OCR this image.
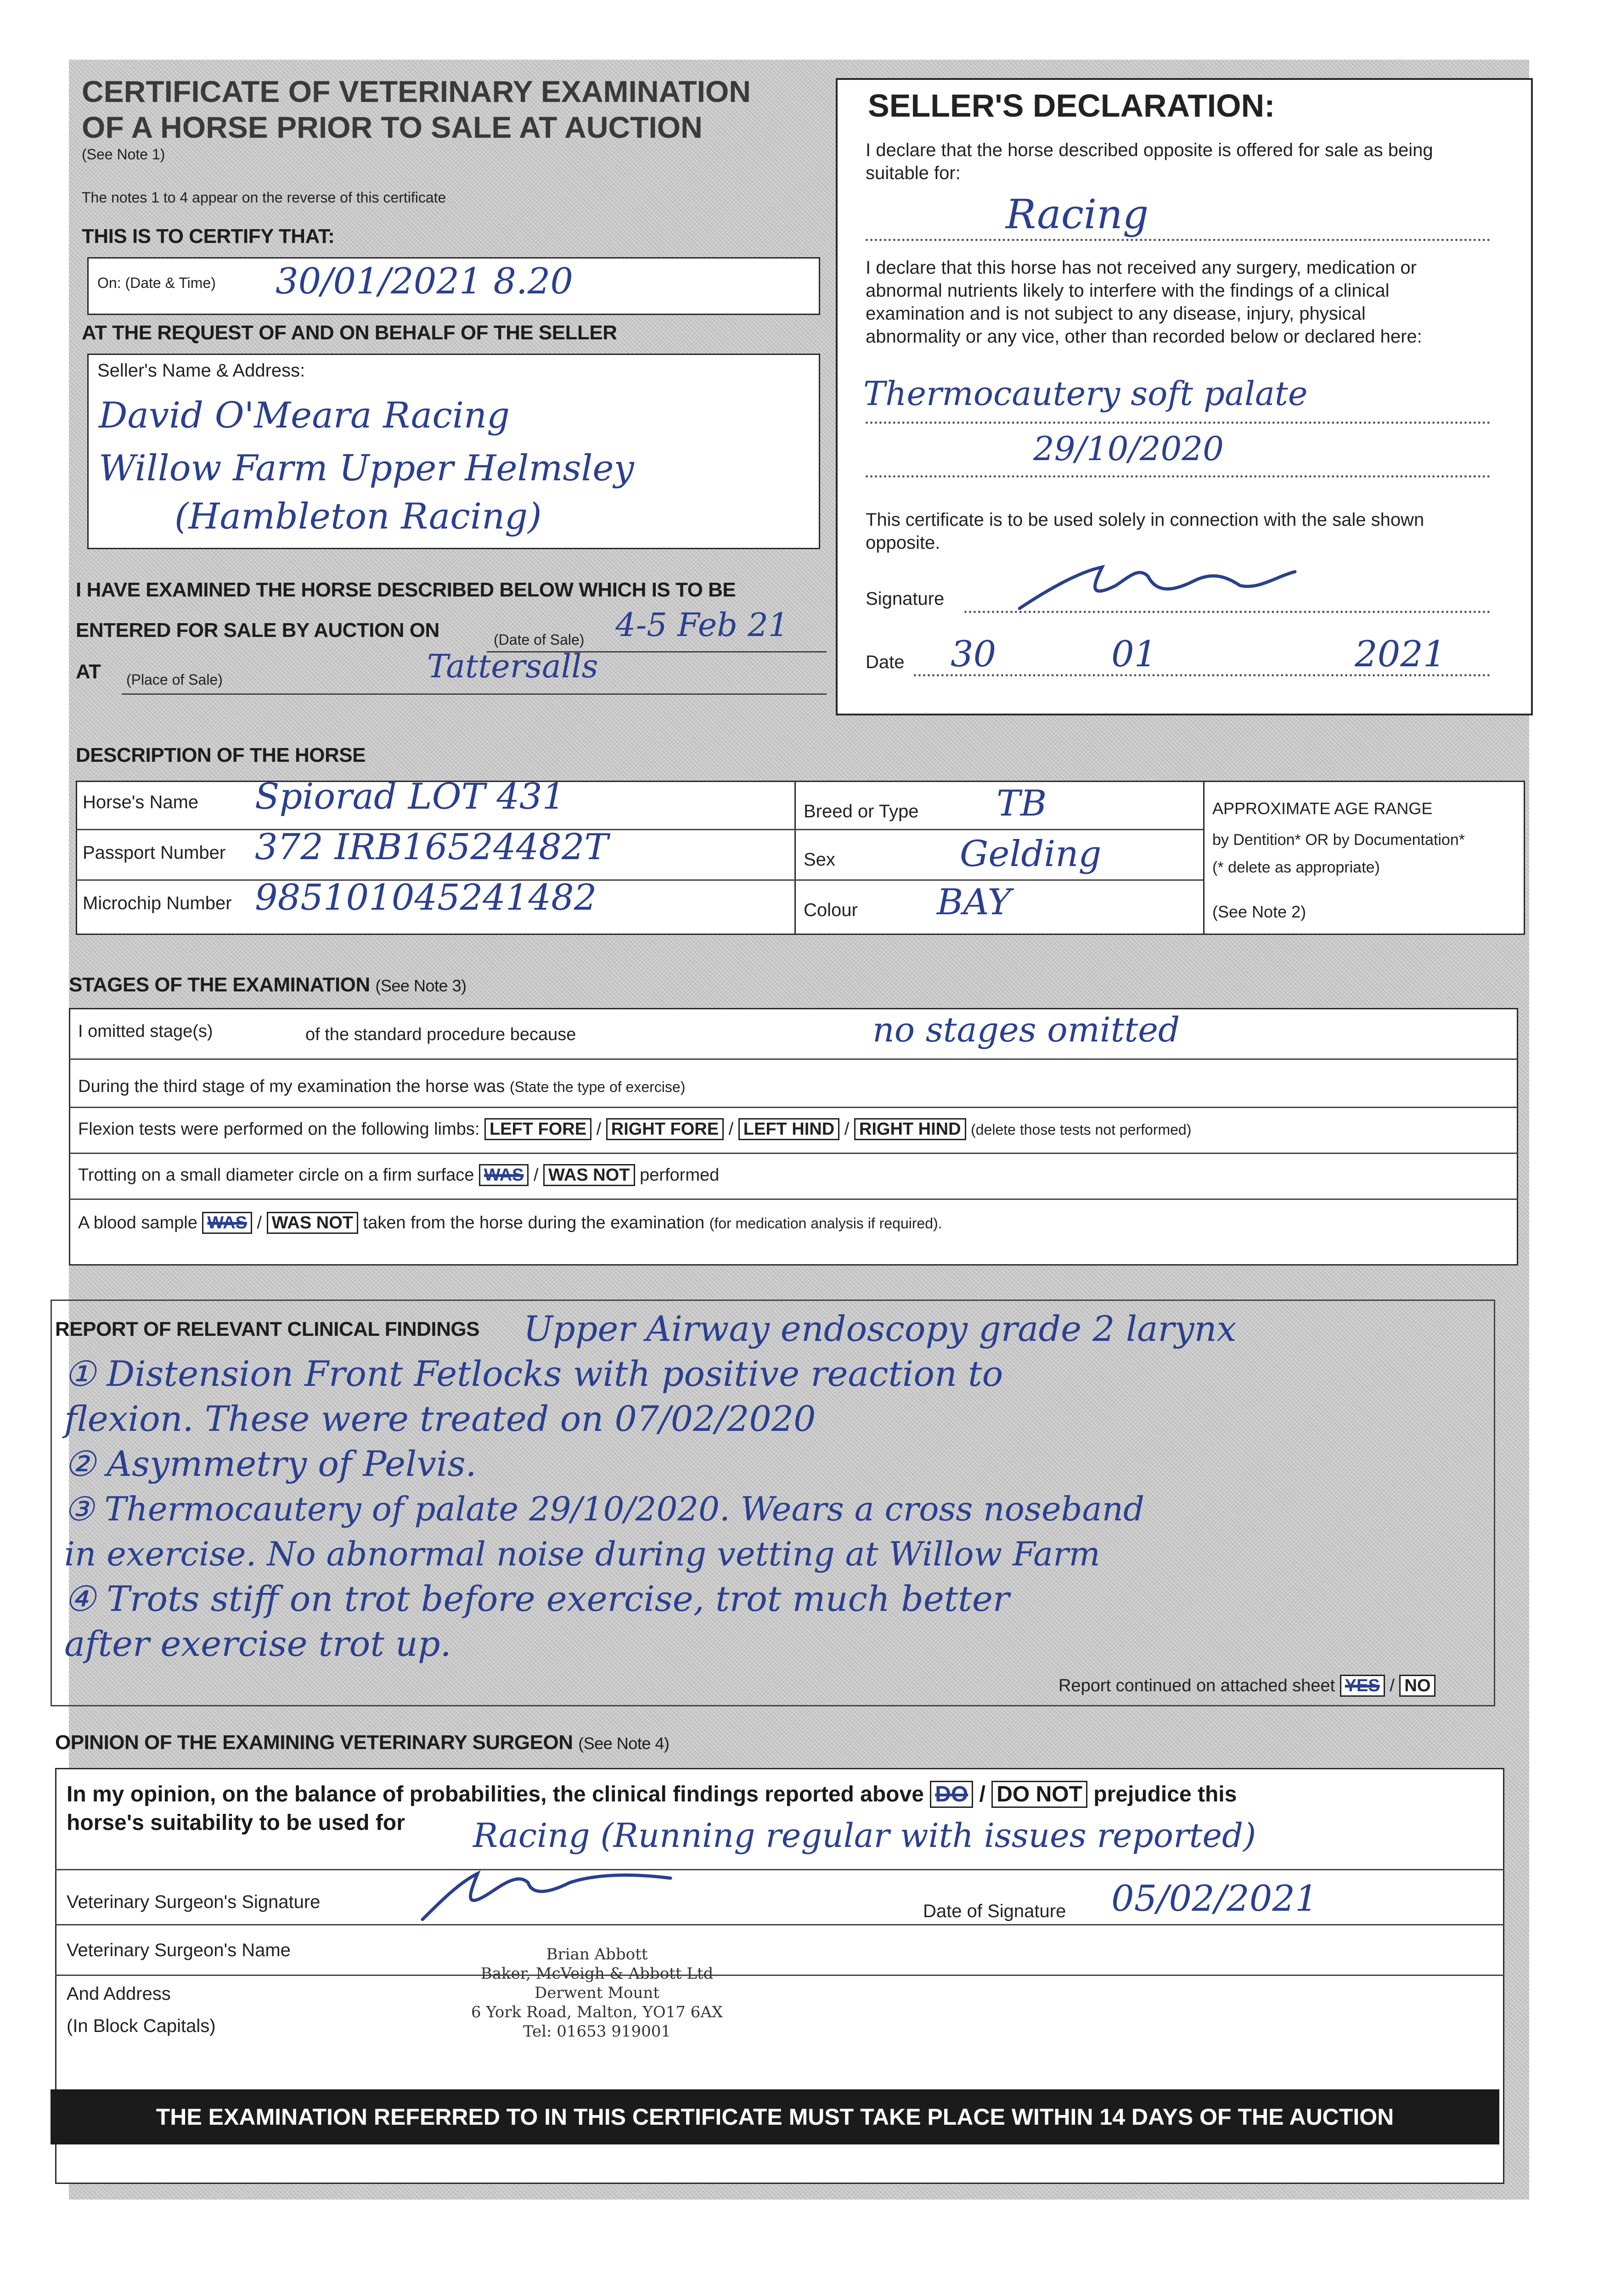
CERTIFICATE OF VETERINARY EXAMINATION
OF A HORSE PRIOR TO SALE AT AUCTION
(See Note 1)
The notes 1 to 4 appear on the reverse of this certificate
THIS IS TO CERTIFY THAT:
On: (Date & Time) 30/01/2021 8.20
AT THE REQUEST OF AND ON BEHALF OF THE SELLER
Seller's Name & Address:
David O'Meara Racing
Willow Farm Upper Helmsley
(Hambleton Racing)
I HAVE EXAMINED THE HORSE DESCRIBED BELOW WHICH IS TO BE
ENTERED FOR SALE BY AUCTION ON	(Date of Sale) 4-5 Feb 21
AT (Place of Sale)	Tattersalls
SELLER'S DECLARATION:
I declare that the horse described opposite is offered for sale as being
suitable for:
Racing
I declare that this horse has not received any surgery, medication or
abnormal nutrients likely to interfere with the findings of a clinical
examination and is not subject to any disease, injury, physical
abnormality or any vice, other than recorded below or declared here:
Thermocautery soft palate
29/10/2020
This certificate is to be used solely in connection with the sale shown
opposite.
Signature
Date 30	01	2021
DESCRIPTION OF THE HORSE
Horse's Name Spiorad LOT 431
Passport Number 372 IRB16524482T
Microchip Number 985101045241482
Breed or Type TB
Sex	Gelding
Colour BAY
APPROXIMATE AGE RANGE
by Dentition* OR by Documentation*
(* delete as appropriate)
(See Note 2)
STAGES OF THE EXAMINATION (See Note 3)
I omitted stage(s)	of the standard procedure because	no stages omitted
During the third stage of my examination the horse was (State the type of exercise)
Flexion tests were performed on the following limbs: LEFT FORE / RIGHT FORE / LEFT HIND / RIGHT HIND (delete those tests not performed)
Trotting on a small diameter circle on a firm surface WAS / WAS NOT performed
A blood sample WAS / WAS NOT taken from the horse during the examination (for medication analysis if required).
REPORT OF RELEVANT CLINICAL FINDINGS	Upper Airway endoscopy grade 2 larynx
① Distension Front Fetlocks with positive reaction to
flexion. These were treated on 07/02/2020
② Asymmetry of Pelvis.
③ Thermocautery of palate 29/10/2020. Wears a cross noseband
in exercise. No abnormal noise during vetting at Willow Farm
④ Trots stiff on trot before exercise, trot much better
after exercise trot up.
Report continued on attached sheet YES / NO
OPINION OF THE EXAMINING VETERINARY SURGEON (See Note 4)
In my opinion, on the balance of probabilities, the clinical findings reported above DO / DO NOT prejudice this
horse's suitability to be used for Racing (Running regular with issues reported)
Veterinary Surgeon's Signature	Date of Signature 05/02/2021
Veterinary Surgeon's Name
And Address
(In Block Capitals)
Brian Abbott
Baker, McVeigh & Abbott Ltd
Derwent Mount
6 York Road, Malton, YO17 6AX
Tel: 01653 919001
THE EXAMINATION REFERRED TO IN THIS CERTIFICATE MUST TAKE PLACE WITHIN 14 DAYS OF THE AUCTION
